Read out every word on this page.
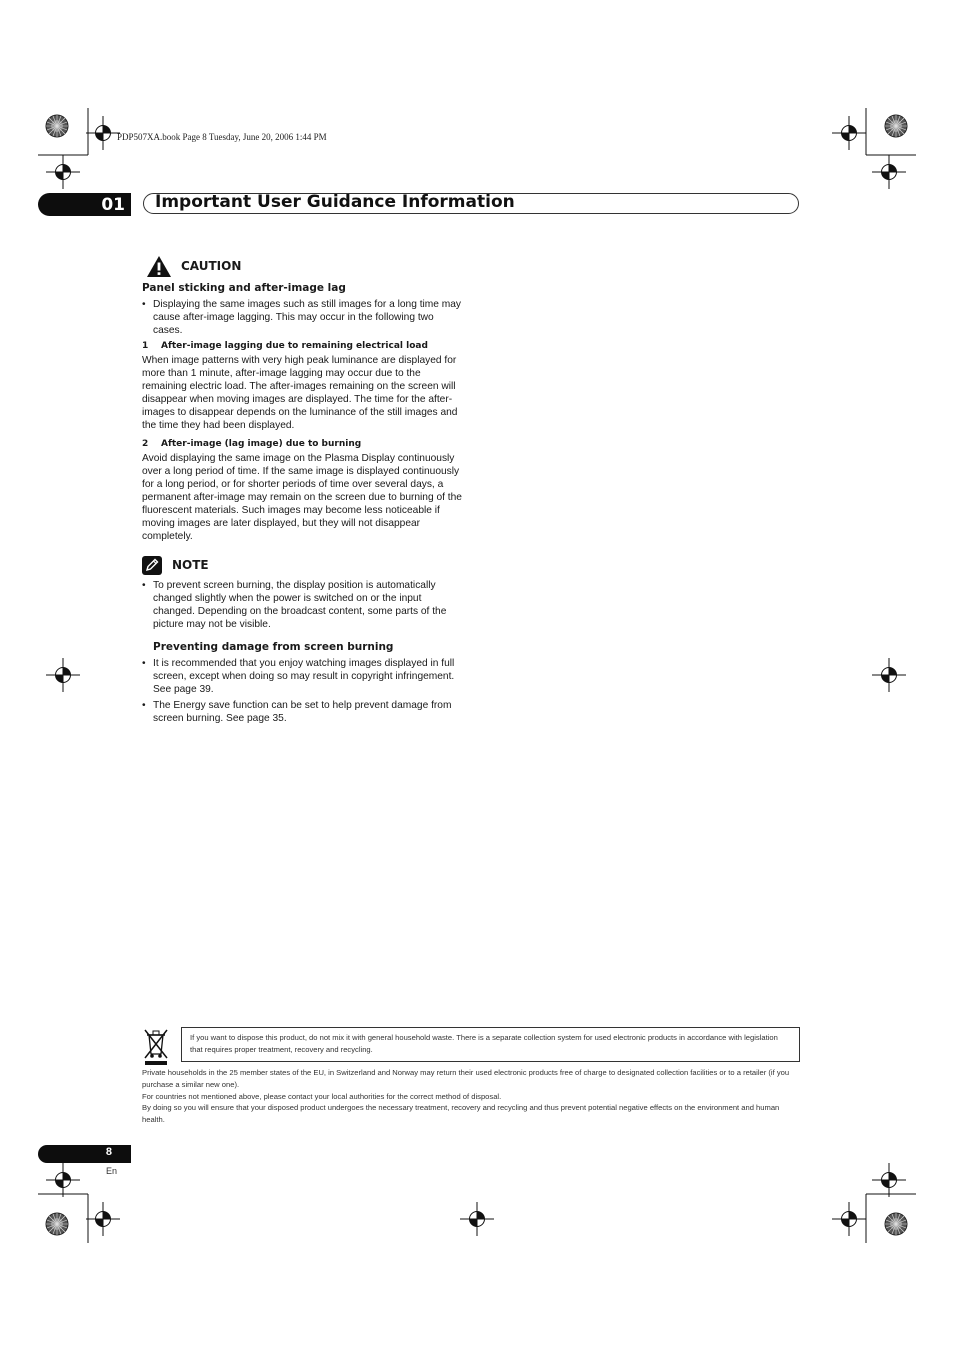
PDP507XA.book Page 8 Tuesday, June 20, 2006 1:44 PM
01 Important User Guidance Information
CAUTION
Panel sticking and after-image lag
• Displaying the same images such as still images for a long time may cause after-image lagging. This may occur in the following two cases.
1 After-image lagging due to remaining electrical load

When image patterns with very high peak luminance are displayed for more than 1 minute, after-image lagging may occur due to the remaining electric load. The after-images remaining on the screen will disappear when moving images are displayed. The time for the after-images to disappear depends on the luminance of the still images and the time they had been displayed.

2 After-image (lag image) due to burning

Avoid displaying the same image on the Plasma Display continuously over a long period of time. If the same image is displayed continuously for a long period, or for shorter periods of time over several days, a permanent after-image may remain on the screen due to burning of the fluorescent materials. Such images may become less noticeable if moving images are later displayed, but they will not disappear completely.

NOTE
• To prevent screen burning, the display position is automatically changed slightly when the power is switched on or the input changed. Depending on the broadcast content, some parts of the picture may not be visible.
Preventing damage from screen burning
• It is recommended that you enjoy watching images displayed in full screen, except when doing so may result in copyright infringement. See page 39.
• The Energy save function can be set to help prevent damage from screen burning. See page 35.
If you want to dispose this product, do not mix it with general household waste. There is a separate collection system for used electronic products in accordance with legislation that requires proper treatment, recovery and recycling.

Private households in the 25 member states of the EU, in Switzerland and Norway may return their used electronic products free of charge to designated collection facilities or to a retailer (if you purchase a similar new one).

For countries not mentioned above, please contact your local authorities for the correct method of disposal.

By doing so you will ensure that your disposed product undergoes the necessary treatment, recovery and recycling and thus prevent potential negative effects on the environment and human health.

8
En
